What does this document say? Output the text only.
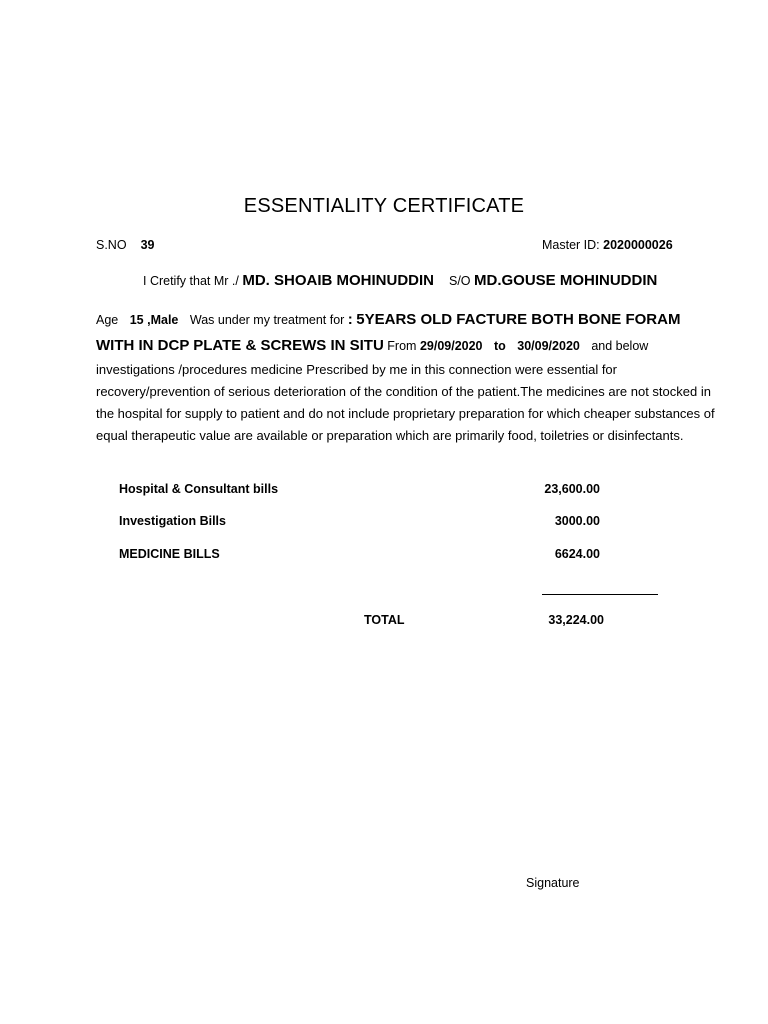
ESSENTIALITY CERTIFICATE
S.NO 39	Master ID: 2020000026
I Cretify that Mr ./ MD. SHOAIB MOHINUDDIN S/O MD.GOUSE MOHINUDDIN
Age 15 ,Male Was under my treatment for : 5YEARS OLD FACTURE BOTH BONE FORAM
WITH IN DCP PLATE & SCREWS IN SITU From 29/09/2020 to 30/09/2020 and below
investigations /procedures medicine Prescribed by me in this connection were essential for recovery/prevention of serious deterioration of the condition of the patient.The medicines are not stocked in the hospital for supply to patient and do not include proprietary preparation for which cheaper substances of equal therapeutic value are available or preparation which are primarily food, toiletries or disinfectants.
Hospital & Consultant bills	23,600.00
Investigation Bills	3000.00
MEDICINE BILLS	6624.00
TOTAL	33,224.00
Signature
